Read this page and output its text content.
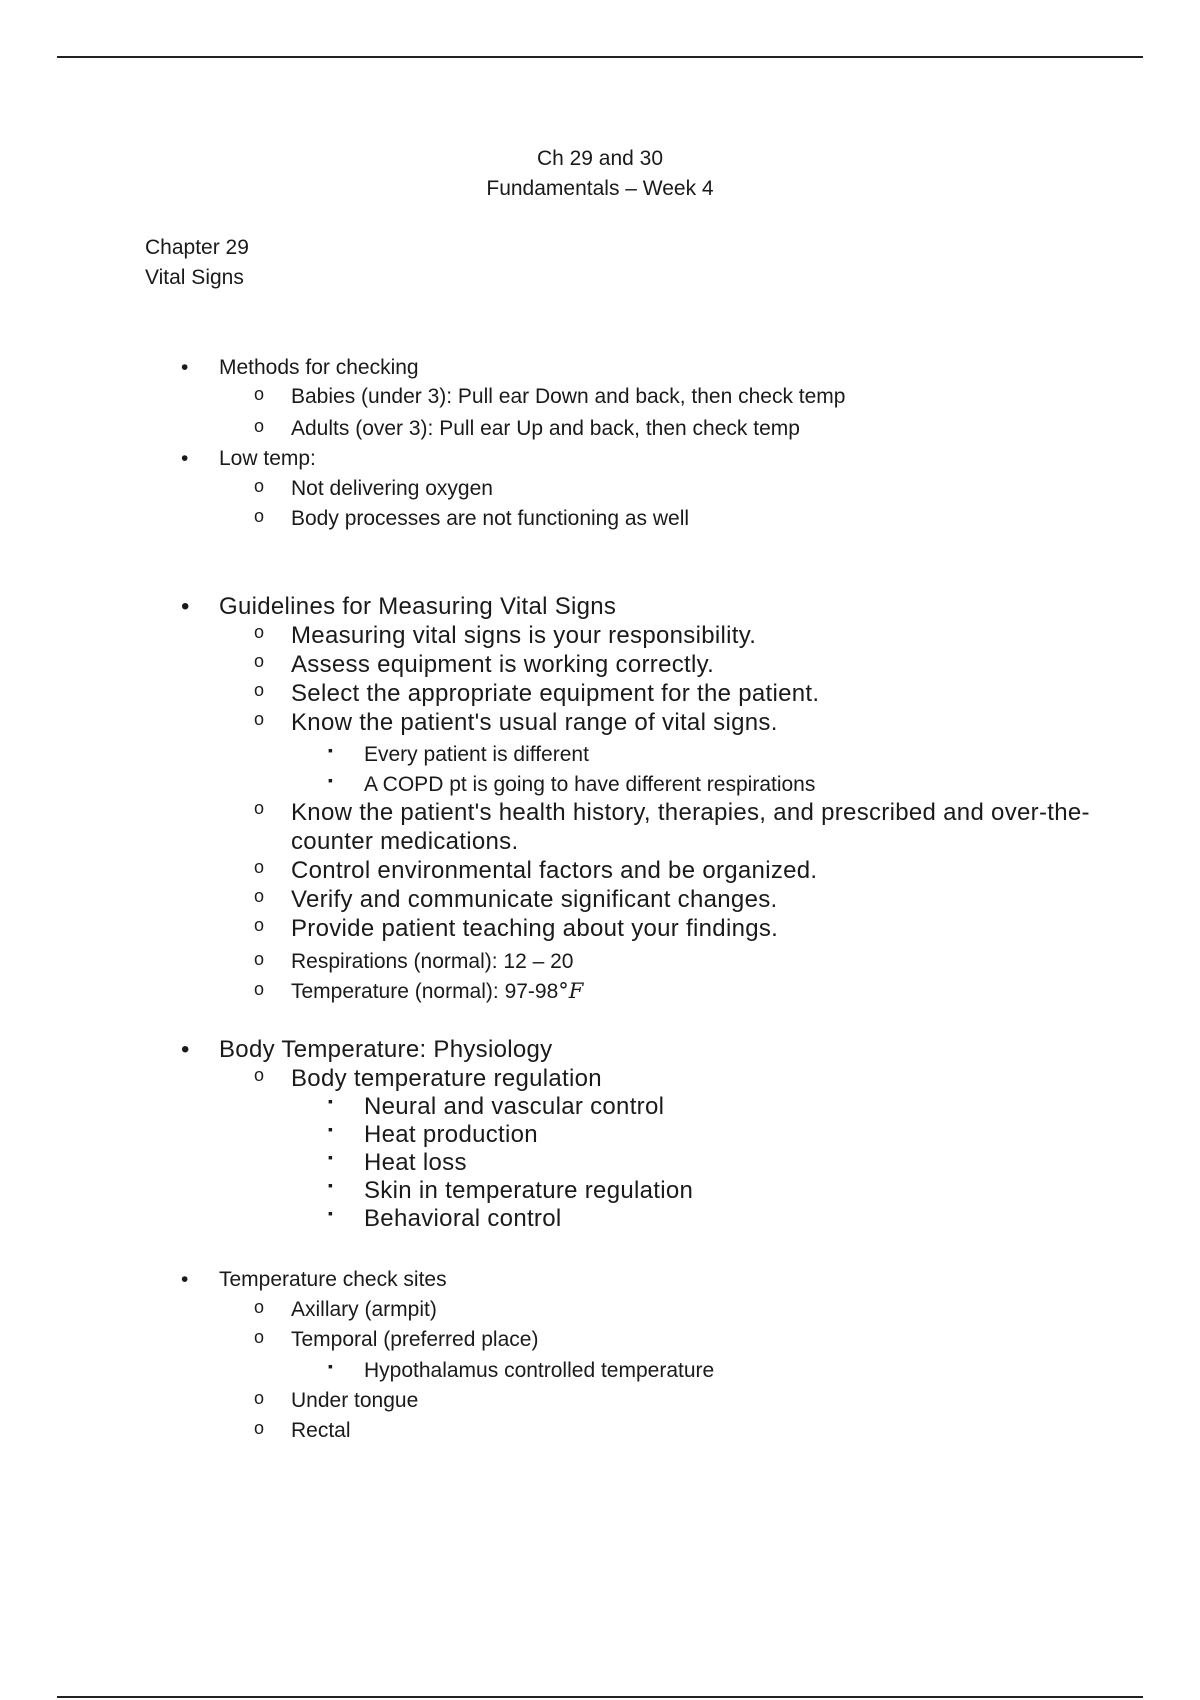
Ch 29 and 30
Fundamentals – Week 4
Chapter 29
Vital Signs
• Methods for checking
o Babies (under 3): Pull ear Down and back, then check temp
o Adults (over 3): Pull ear Up and back, then check temp
• Low temp:
o Not delivering oxygen
o Body processes are not functioning as well
• Guidelines for Measuring Vital Signs
o Measuring vital signs is your responsibility.
o Assess equipment is working correctly.
o Select the appropriate equipment for the patient.
o Know the patient's usual range of vital signs.
▪ Every patient is different
▪ A COPD pt is going to have different respirations
o Know the patient's health history, therapies, and prescribed and over-the-counter medications.
o Control environmental factors and be organized.
o Verify and communicate significant changes.
o Provide patient teaching about your findings.
o Respirations (normal): 12 – 20
o Temperature (normal): 97-98°F
• Body Temperature: Physiology
o Body temperature regulation
▪ Neural and vascular control
▪ Heat production
▪ Heat loss
▪ Skin in temperature regulation
▪ Behavioral control
• Temperature check sites
o Axillary (armpit)
o Temporal (preferred place)
▪ Hypothalamus controlled temperature
o Under tongue
o Rectal
